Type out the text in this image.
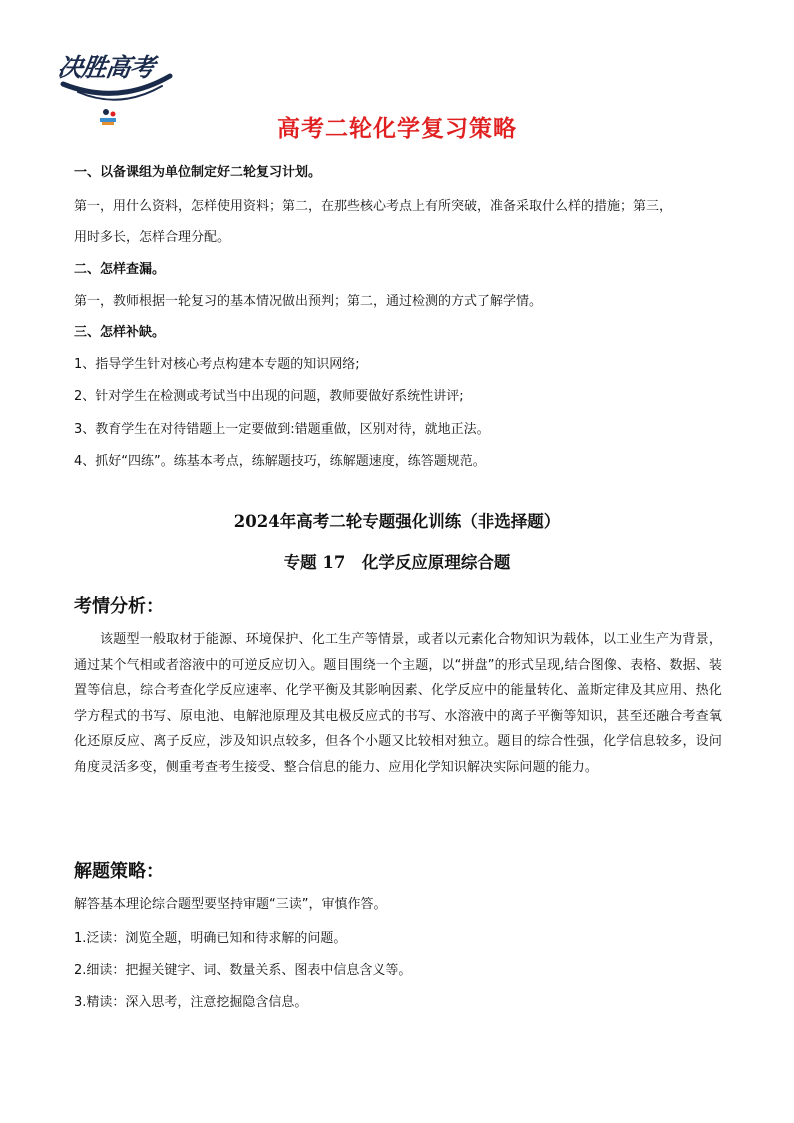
决胜高考
高考二轮化学复习策略
一、以备课组为单位制定好二轮复习计划。
第一，用什么资料，怎样使用资料；第二，在那些核心考点上有所突破，准备采取什么样的措施；第三，
用时多长，怎样合理分配。
二、怎样查漏。
第一，教师根据一轮复习的基本情况做出预判；第二，通过检测的方式了解学情。
三、怎样补缺。
1、指导学生针对核心考点构建本专题的知识网络;
2、针对学生在检测或考试当中出现的问题，教师要做好系统性讲评;
3、教育学生在对待错题上一定要做到:错题重做，区别对待，就地正法。
4、抓好“四练”。练基本考点，练解题技巧，练解题速度，练答题规范。
2024年高考二轮专题强化训练（非选择题）
专题 17　化学反应原理综合题
考情分析：
该题型一般取材于能源、环境保护、化工生产等情景，或者以元素化合物知识为载体，以工业生产为背景，通过某个气相或者溶液中的可逆反应切入。题目围绕一个主题，以“拼盘”的形式呈现,结合图像、表格、数据、装置等信息，综合考查化学反应速率、化学平衡及其影响因素、化学反应中的能量转化、盖斯定律及其应用、热化学方程式的书写、原电池、电解池原理及其电极反应式的书写、水溶液中的离子平衡等知识，甚至还融合考查氧化还原反应、离子反应，涉及知识点较多，但各个小题又比较相对独立。题目的综合性强，化学信息较多，设问角度灵活多变，侧重考查考生接受、整合信息的能力、应用化学知识解决实际问题的能力。
解题策略：
解答基本理论综合题型要坚持审题“三读”，审慎作答。
1.泛读：浏览全题，明确已知和待求解的问题。
2.细读：把握关键字、词、数量关系、图表中信息含义等。
3.精读：深入思考，注意挖掘隐含信息。
